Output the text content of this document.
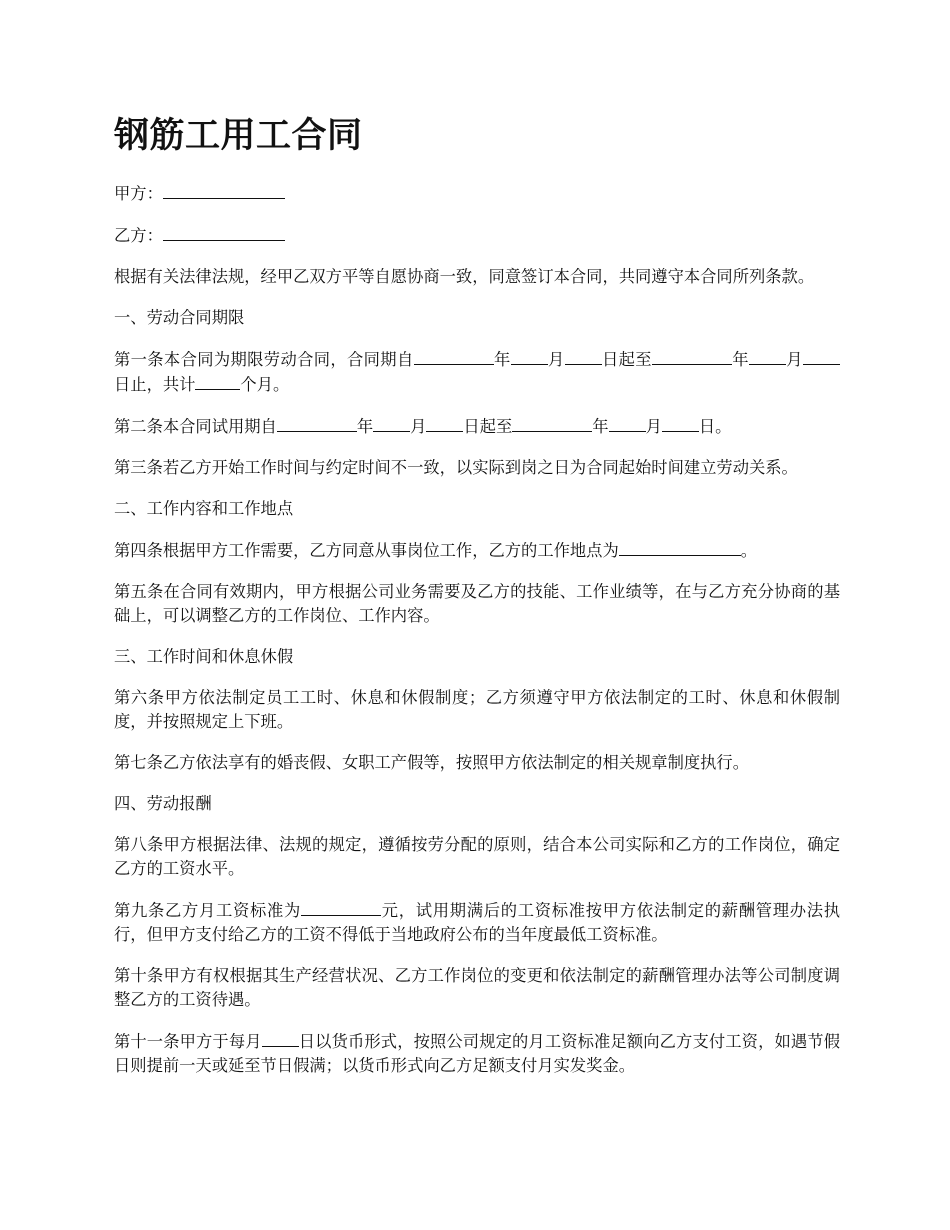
钢筋工用工合同

甲方：

乙方：

根据有关法律法规，经甲乙双方平等自愿协商一致，同意签订本合同，共同遵守本合同所列条款。

一、劳动合同期限

第一条本合同为期限劳动合同，合同期自	年 月 日起至	年 月日止，共计	个月。

第二条本合同试用期自	年 月 日起至	年 月 日。

第三条若乙方开始工作时间与约定时间不一致，以实际到岗之日为合同起始时间建立劳动关系。

二、工作内容和工作地点

第四条根据甲方工作需要，乙方同意从事岗位工作，乙方的工作地点为	。

第五条在合同有效期内，甲方根据公司业务需要及乙方的技能、工作业绩等，在与乙方充分协商的基础上，可以调整乙方的工作岗位、工作内容。

三、工作时间和休息休假

第六条甲方依法制定员工工时、休息和休假制度；乙方须遵守甲方依法制定的工时、休息和休假制度，并按照规定上下班。

第七条乙方依法享有的婚丧假、女职工产假等，按照甲方依法制定的相关规章制度执行。

四、劳动报酬

第八条甲方根据法律、法规的规定，遵循按劳分配的原则，结合本公司实际和乙方的工作岗位，确定乙方的工资水平。

第九条乙方月工资标准为	元，试用期满后的工资标准按甲方依法制定的薪酬管理办法执行，但甲方支付给乙方的工资不得低于当地政府公布的当年度最低工资标准。

第十条甲方有权根据其生产经营状况、乙方工作岗位的变更和依法制定的薪酬管理办法等公司制度调整乙方的工资待遇。

第十一条甲方于每月 日以货币形式，按照公司规定的月工资标准足额向乙方支付工资，如遇节假日则提前一天或延至节日假满；以货币形式向乙方足额支付月实发奖金。
